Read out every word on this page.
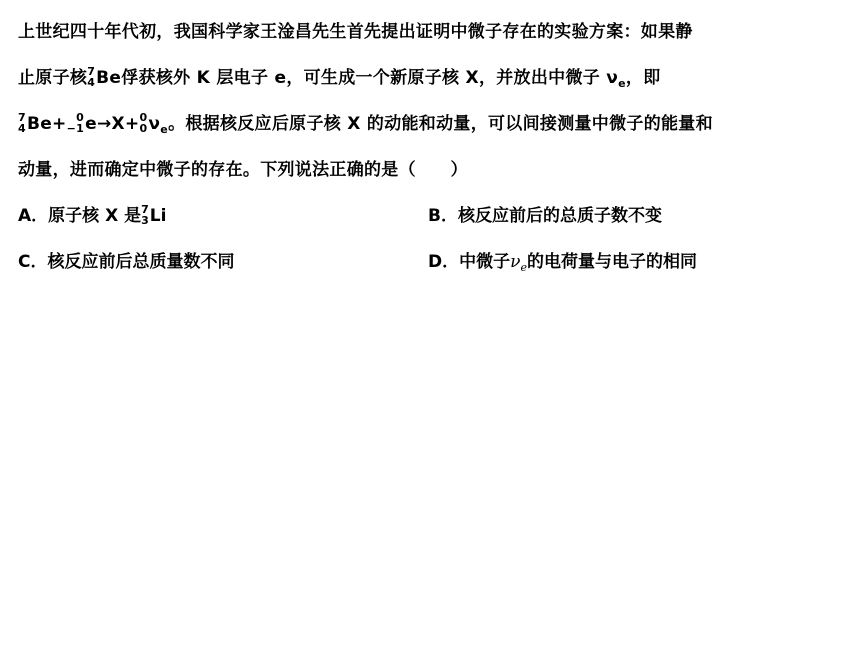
上世纪四十年代初，我国科学家王淦昌先生首先提出证明中微子存在的实验方案：如果静
止原子核 7
4 Be俘获核外 K 层电子 e，可生成一个新原子核 X，并放出中微子 $\nu_e$，即
7
4 Be+ 0
−1 e→X+ 0
0 $\nu_e$。根据核反应后原子核 X 的动能和动量，可以间接测量中微子的能量和
动量，进而确定中微子的存在。下列说法正确的是（　　）
A．原子核 X 是 7
3 Li	B．核反应前后的总质子数不变
C．核反应前后总质量数不同	D．中微子$\nu_e$的电荷量与电子的相同
